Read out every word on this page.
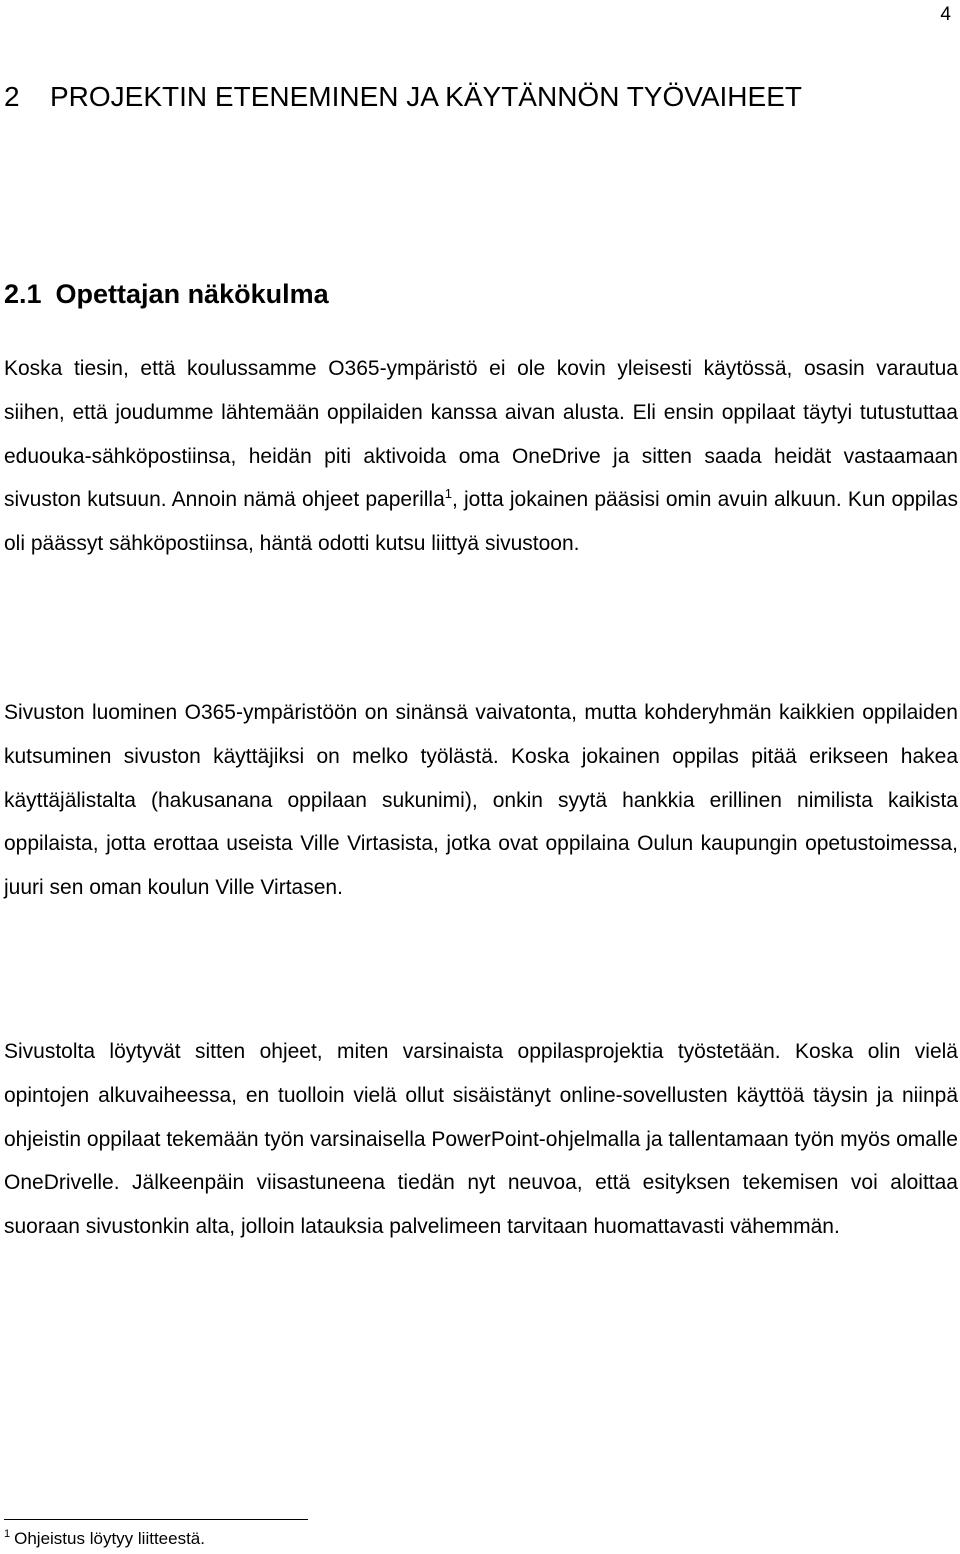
4
2	PROJEKTIN ETENEMINEN JA KÄYTÄNNÖN TYÖVAIHEET
2.1 Opettajan näkökulma

Koska tiesin, että koulussamme O365-ympäristö ei ole kovin yleisesti käytössä, osasin varautua siihen, että joudumme lähtemään oppilaiden kanssa aivan alusta. Eli ensin oppilaat täytyi tutustuttaa eduouka-sähköpostiinsa, heidän piti aktivoida oma OneDrive ja sitten saada heidät vastaamaan sivuston kutsuun. Annoin nämä ohjeet paperilla$^1$, jotta jokainen pääsisi omin avuin alkuun. Kun oppilas oli päässyt sähköpostiinsa, häntä odotti kutsu liittyä sivustoon.

Sivuston luominen O365-ympäristöön on sinänsä vaivatonta, mutta kohderyhmän kaikkien oppilaiden kutsuminen sivuston käyttäjiksi on melko työlästä. Koska jokainen oppilas pitää erikseen hakea käyttäjälistalta (hakusanana oppilaan sukunimi), onkin syytä hankkia erillinen nimilista kaikista oppilaista, jotta erottaa useista Ville Virtasista, jotka ovat oppilaina Oulun kaupungin opetustoimessa, juuri sen oman koulun Ville Virtasen.

Sivustolta löytyvät sitten ohjeet, miten varsinaista oppilasprojektia työstetään. Koska olin vielä opintojen alkuvaiheessa, en tuolloin vielä ollut sisäistänyt online-sovellusten käyttöä täysin ja niinpä ohjeistin oppilaat tekemään työn varsinaisella PowerPoint-ohjelmalla ja tallentamaan työn myös omalle OneDrivelle. Jälkeenpäin viisastuneena tiedän nyt neuvoa, että esityksen tekemisen voi aloittaa suoraan sivustonkin alta, jolloin latauksia palvelimeen tarvitaan huomattavasti vähemmän.

$^1$ Ohjeistus löytyy liitteestä.
